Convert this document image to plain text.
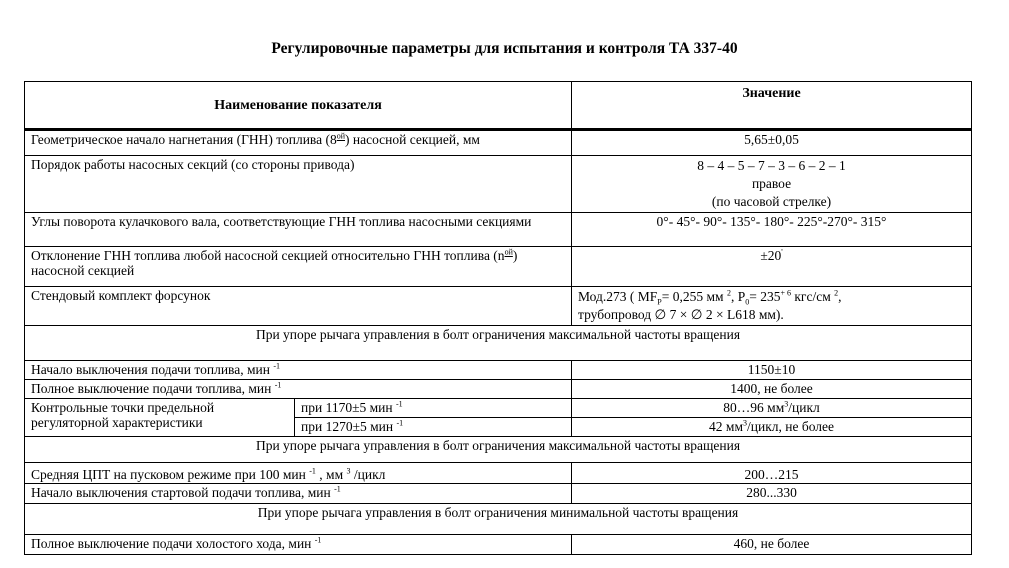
Регулировочные параметры для испытания и контроля ТА 337-40
Наименование показателя		Значение
Геометрическое начало нагнетания (ГНН) топлива $(8^{ой})$ насосной секцией, мм		5,65±0,05
Порядок работы насосных секций (со стороны привода)		8 – 4 – 5 – 7 – 3 – 6 – 2 – 1
правое
(по часовой стрелке)

Углы поворота кулачкового вала, соответствующие ГНН топлива насосными секциями		0°- 45°- 90°- 135°- 180°- 225°-270°- 315°
Отклонение ГНН топлива любой насосной секцией относительно ГНН топлива $(n^{ой})$ насосной секцией		±20'
Стендовый комплект форсунок		Мод.273 ( $MF_P= 0,255$ мм $^2$, $P_0= 235^{+ 6}$ кгс/см $^2$,
трубопровод ∅ 7 × ∅ 2 × L618 мм).

При упоре рычага управления в болт ограничения максимальной частоты вращения		
Начало выключения подачи топлива, мин $^{-1}$		1150±10
Полное выключение подачи топлива, мин $^{-1}$		1400, не более
Контрольные точки предельной регуляторной характеристики	при 1170±5 мин $^{-1}$	80…96 $мм^3$/цикл
	при 1270±5 мин $^{-1}$	42 $мм^3$/цикл, не более
При упоре рычага управления в болт ограничения максимальной частоты вращения		
Средняя ЦПТ на пусковом режиме при 100 мин $^{-1}$ , мм $^3$ /цикл		200…215
Начало выключения стартовой подачи топлива, мин $^{-1}$		280...330
При упоре рычага управления в болт ограничения минимальной частоты вращения		
Полное выключение подачи холостого хода, мин $^{-1}$		460, не более
